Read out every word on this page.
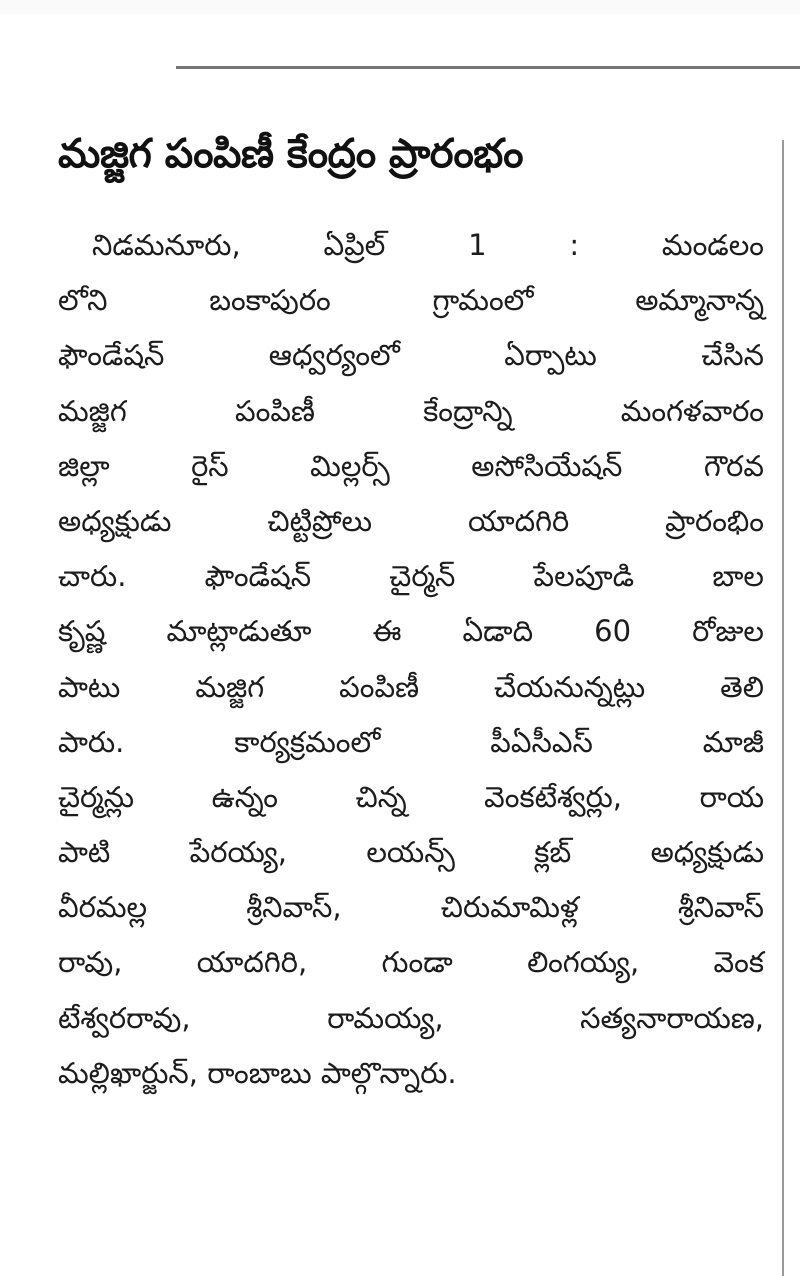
మజ్జిగ పంపిణీ కేంద్రం ప్రారంభం
నిడమనూరు, ఏప్రిల్ 1 : మండలం
లోని బంకాపురం గ్రామంలో అమ్మానాన్న
ఫౌండేషన్ ఆధ్వర్యంలో ఏర్పాటు చేసిన
మజ్జిగ పంపిణీ కేంద్రాన్ని మంగళవారం
జిల్లా రైస్ మిల్లర్స్ అసోసియేషన్ గౌరవ
అధ్యక్షుడు చిట్టిప్రోలు యాదగిరి ప్రారంభిం
చారు. ఫౌండేషన్ చైర్మన్ పేలపూడి బాల
కృష్ణ మాట్లాడుతూ ఈ ఏడాది 60 రోజుల
పాటు మజ్జిగ పంపిణీ చేయనున్నట్లు తెలి
పారు. కార్యక్రమంలో పీఏసీఎస్ మాజీ
చైర్మన్లు ఉన్నం చిన్న వెంకటేశ్వర్లు, రాయ
పాటి పేరయ్య, లయన్స్ క్లబ్ అధ్యక్షుడు
వీరమల్ల శ్రీనివాస్, చిరుమామిళ్ల శ్రీనివాస్
రావు, యాదగిరి, గుండా లింగయ్య, వెంక
టేశ్వరరావు, రామయ్య, సత్యనారాయణ,
మల్లిఖార్జున్, రాంబాబు పాల్గొన్నారు.
